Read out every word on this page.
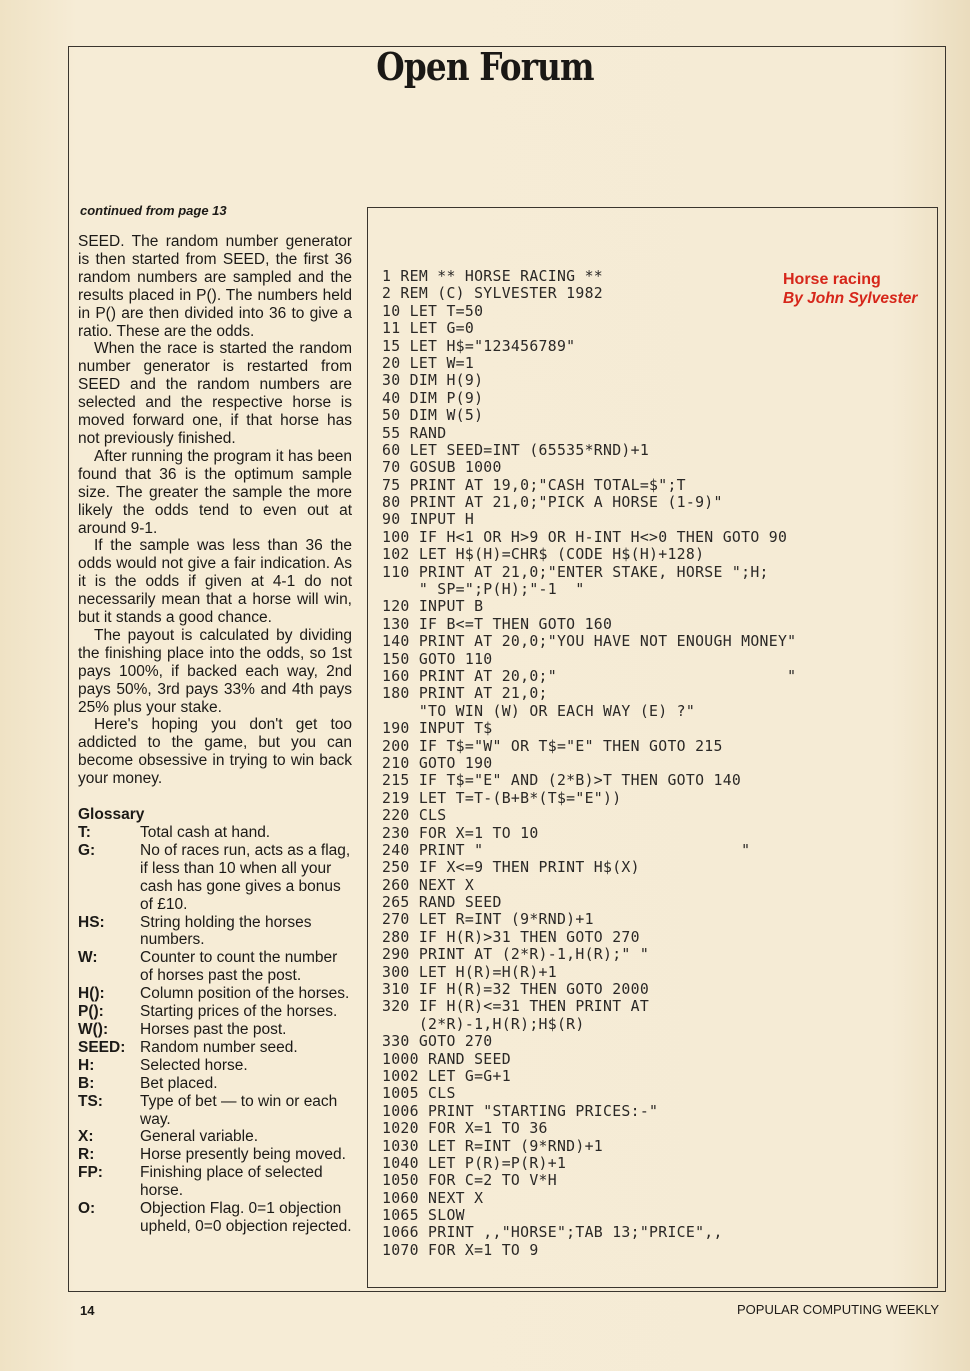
Open Forum
continued from page 13

SEED. The random number generator is then started from SEED, the first 36 random numbers are sampled and the results placed in P(). The numbers held in P() are then divided into 36 to give a ratio. These are the odds.

When the race is started the random number generator is restarted from SEED and the random numbers are selected and the respective horse is moved forward one, if that horse has not previously finished.

After running the program it has been found that 36 is the optimum sample size. The greater the sample the more likely the odds tend to even out at around 9-1.

If the sample was less than 36 the odds would not give a fair indication. As it is the odds if given at 4-1 do not necessarily mean that a horse will win, but it stands a good chance.

The payout is calculated by dividing the finishing place into the odds, so 1st pays 100%, if backed each way, 2nd pays 50%, 3rd pays 33% and 4th pays 25% plus your stake.

Here's hoping you don't get too addicted to the game, but you can become obsessive in trying to win back your money.

Glossary
T:	Total cash at hand.
G:	No of races run, acts as a flag, if less than 10 when all your cash has gone gives a bonus of £10.
HS:	String holding the horses numbers.
W:	Counter to count the number of horses past the post.
H():	Column position of the horses.
P():	Starting prices of the horses.
W():	Horses past the post.
SEED: Random number seed.
H:	Selected horse.
B:	Bet placed.
TS:	Type of bet — to win or each way.
X:	General variable.
R:	Horse presently being moved.
FP:	Finishing place of selected horse.
O:	Objection Flag. 0=1 objection upheld, 0=0 objection rejected.
1 REM ** HORSE RACING **
2 REM (C) SYLVESTER 1982
10 LET T=50
11 LET G=0
15 LET H$="123456789"
20 LET W=1
30 DIM H(9)
40 DIM P(9)
50 DIM W(5)
55 RAND
60 LET SEED=INT (65535*RND)+1
70 GOSUB 1000
75 PRINT AT 19,0;"CASH TOTAL=$";T
80 PRINT AT 21,0;"PICK A HORSE (1-9)"
90 INPUT H
100 IF H<1 OR H>9 OR H-INT H<>0 THEN GOTO 90
102 LET H$(H)=CHR$ (CODE H$(H)+128)
110 PRINT AT 21,0;"ENTER STAKE, HORSE ";H;
" SP=";P(H);"-1  "
120 INPUT B
130 IF B<=T THEN GOTO 160
140 PRINT AT 20,0;"YOU HAVE NOT ENOUGH MONEY"
150 GOTO 110
160 PRINT AT 20,0;"                         "
180 PRINT AT 21,0;
"TO WIN (W) OR EACH WAY (E) ?"
190 INPUT T$
200 IF T$="W" OR T$="E" THEN GOTO 215
210 GOTO 190
215 IF T$="E" AND (2*B)>T THEN GOTO 140
219 LET T=T-(B+B*(T$="E"))
220 CLS
230 FOR X=1 TO 10
240 PRINT "                            "
250 IF X<=9 THEN PRINT H$(X)
260 NEXT X
265 RAND SEED
270 LET R=INT (9*RND)+1
280 IF H(R)>31 THEN GOTO 270
290 PRINT AT (2*R)-1,H(R);" "
300 LET H(R)=H(R)+1
310 IF H(R)=32 THEN GOTO 2000
320 IF H(R)<=31 THEN PRINT AT
(2*R)-1,H(R);H$(R)
330 GOTO 270
1000 RAND SEED
1002 LET G=G+1
1005 CLS
1006 PRINT "STARTING PRICES:-"
1020 FOR X=1 TO 36
1030 LET R=INT (9*RND)+1
1040 LET P(R)=P(R)+1
1050 FOR C=2 TO V*H
1060 NEXT X
1065 SLOW
1066 PRINT ,,"HORSE";TAB 13;"PRICE",,
1070 FOR X=1 TO 9
Horse racing
By John Sylvester
14	POPULAR COMPUTING WEEKLY
